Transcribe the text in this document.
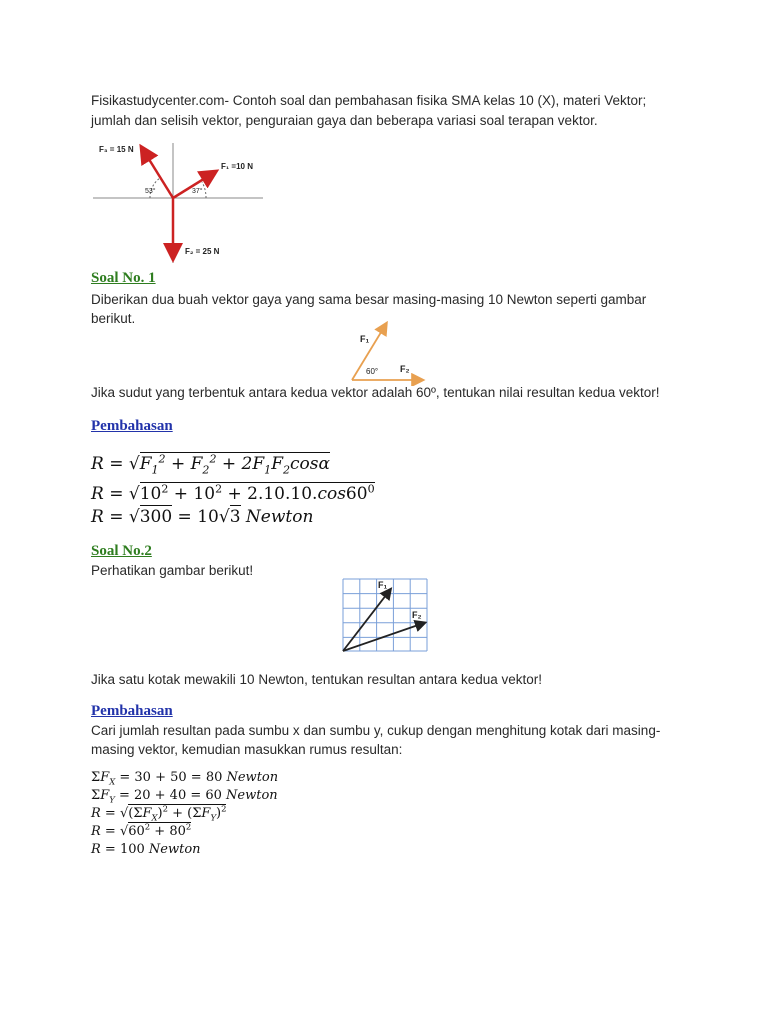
Fisikastudycenter.com- Contoh soal dan pembahasan fisika SMA kelas 10 (X), materi Vektor;
jumlah dan selisih vektor, penguraian gaya dan beberapa variasi soal terapan vektor.
F₃ = 15 N
F₁ =10 N
F₂ = 25 N
53°	37°
Soal No. 1
Diberikan dua buah vektor gaya yang sama besar masing-masing 10 Newton seperti gambar
berikut.
F₁
F₂
60°
Jika sudut yang terbentuk antara kedua vektor adalah 60º, tentukan nilai resultan kedua vektor!
Pembahasan
$R = √F_1^2 + F_2^2 + 2F_1F_2\cos\alpha$
$R = √10^2 + 10^2 + 2.10.10.\cos 60^0$
R = √300 = 10√3 Newton
Soal No.2
Perhatikan gambar berikut!
F₁
F₂
Jika satu kotak mewakili 10 Newton, tentukan resultan antara kedua vektor!
Pembahasan
Cari jumlah resultan pada sumbu x dan sumbu y, cukup dengan menghitung kotak dari masing-
masing vektor, kemudian masukkan rumus resultan:
$\Sigma F_X = 30 + 50 = 80$ Newton
$\Sigma F_Y = 20 + 40 = 60$ Newton
$R = √(\Sigma F_X)^2 + (\Sigma F_Y)^2$
$R = √60^2 + 80^2$
R = 100 Newton
